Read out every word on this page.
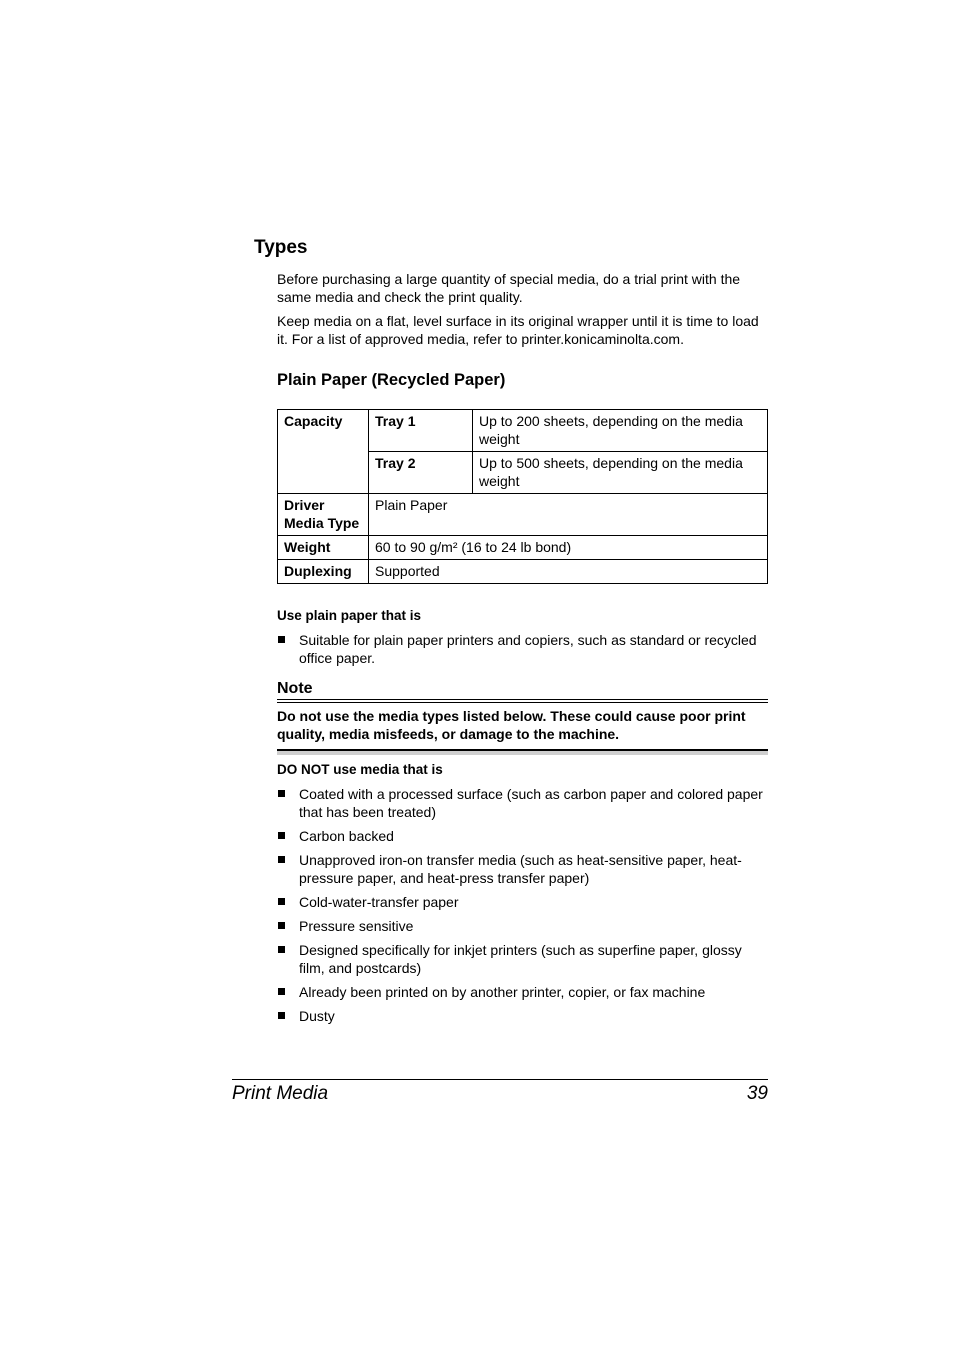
Types

Before purchasing a large quantity of special media, do a trial print with the same media and check the print quality.

Keep media on a flat, level surface in its original wrapper until it is time to load it. For a list of approved media, refer to printer.konicaminolta.com.

Plain Paper (Recycled Paper)
Capacity	Tray 1	Up to 200 sheets, depending on the media weight
	Tray 2	Up to 500 sheets, depending on the media weight
Driver Media Type	Plain Paper	
Weight	60 to 90 g/m² (16 to 24 lb bond)	
Duplexing	Supported	

Use plain paper that is

Suitable for plain paper printers and copiers, such as standard or recycled office paper.

Note

Do not use the media types listed below. These could cause poor print quality, media misfeeds, or damage to the machine.

DO NOT use media that is

Coated with a processed surface (such as carbon paper and colored paper that has been treated)
Carbon backed
Unapproved iron-on transfer media (such as heat-sensitive paper, heat-pressure paper, and heat-press transfer paper)
Cold-water-transfer paper
Pressure sensitive
Designed specifically for inkjet printers (such as superfine paper, glossy film, and postcards)
Already been printed on by another printer, copier, or fax machine
Dusty

Print Media	39
